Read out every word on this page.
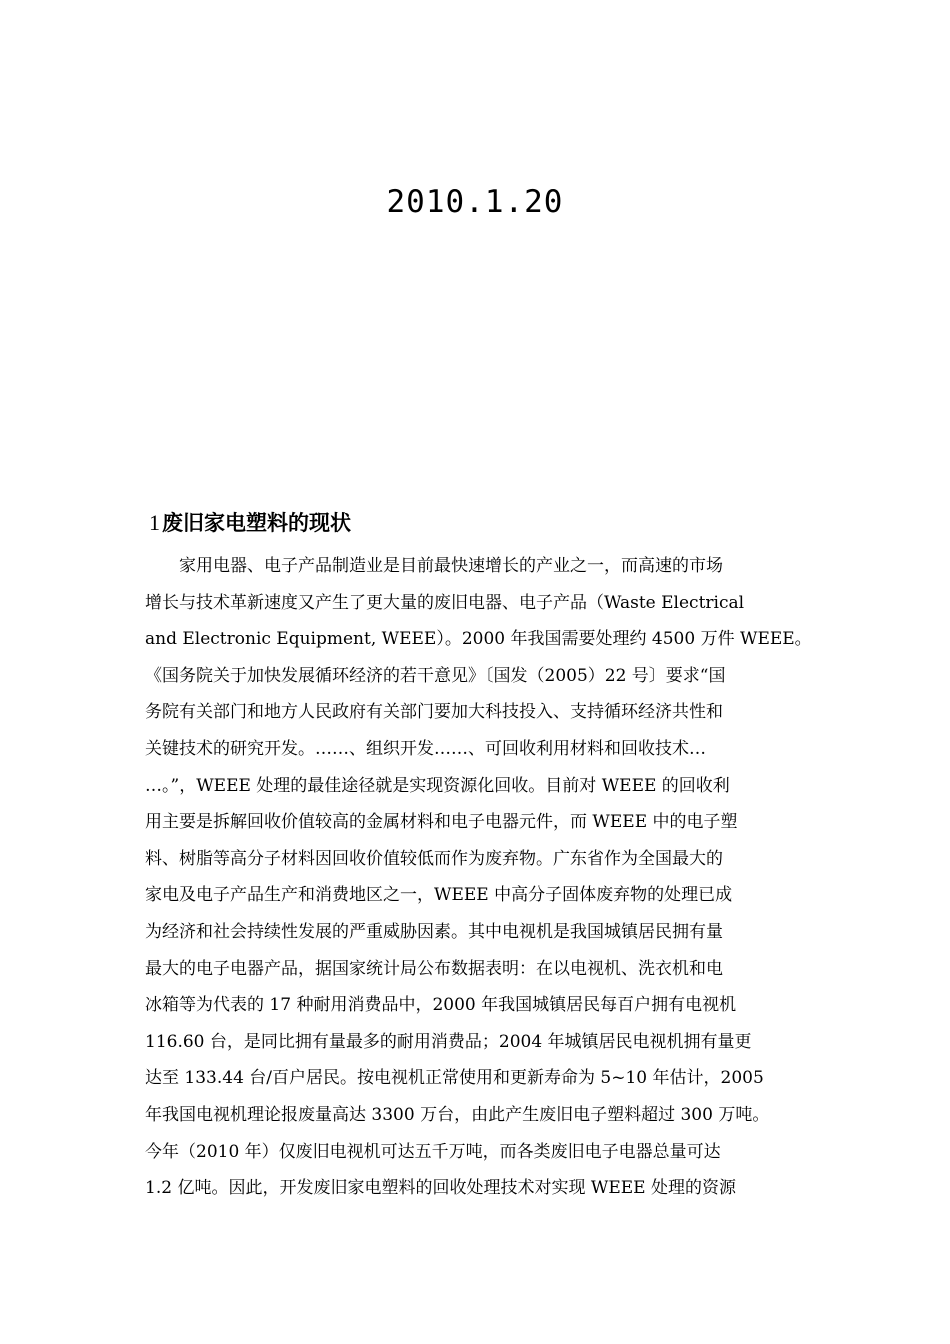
2010.1.20
1废旧家电塑料的现状
家用电器、电子产品制造业是目前最快速增长的产业之一，而高速的市场
增长与技术革新速度又产生了更大量的废旧电器、电子产品（Waste Electrical
and Electronic Equipment, WEEE）。2000 年我国需要处理约 4500 万件 WEEE。
《国务院关于加快发展循环经济的若干意见》〔国发（2005）22 号〕要求“国
务院有关部门和地方人民政府有关部门要加大科技投入、支持循环经济共性和
关键技术的研究开发。……、组织开发……、可回收利用材料和回收技术…
…。”，WEEE 处理的最佳途径就是实现资源化回收。目前对 WEEE 的回收利
用主要是拆解回收价值较高的金属材料和电子电器元件，而 WEEE 中的电子塑
料、树脂等高分子材料因回收价值较低而作为废弃物。广东省作为全国最大的
家电及电子产品生产和消费地区之一，WEEE 中高分子固体废弃物的处理已成
为经济和社会持续性发展的严重威胁因素。其中电视机是我国城镇居民拥有量
最大的电子电器产品，据国家统计局公布数据表明：在以电视机、洗衣机和电
冰箱等为代表的 17 种耐用消费品中，2000 年我国城镇居民每百户拥有电视机
116.60 台，是同比拥有量最多的耐用消费品；2004 年城镇居民电视机拥有量更
达至 133.44 台/百户居民。按电视机正常使用和更新寿命为 5~10 年估计，2005
年我国电视机理论报废量高达 3300 万台，由此产生废旧电子塑料超过 300 万吨。
今年（2010 年）仅废旧电视机可达五千万吨，而各类废旧电子电器总量可达
1.2 亿吨。因此，开发废旧家电塑料的回收处理技术对实现 WEEE 处理的资源
